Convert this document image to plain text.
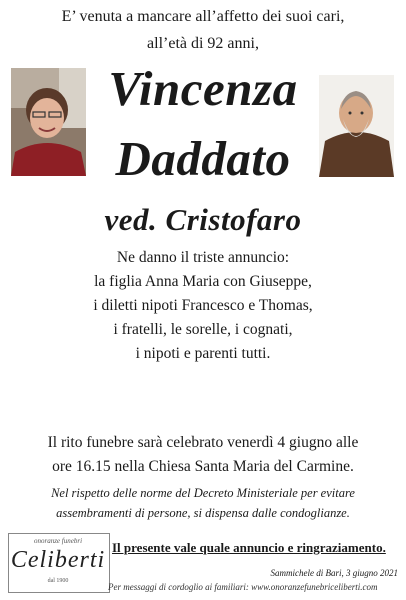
E’ venuta a mancare all’affetto dei suoi cari,
all’età di 92 anni,
Vincenza
Daddato
ved. Cristofaro
Ne danno il triste annuncio:
la figlia Anna Maria con Giuseppe,
i diletti nipoti Francesco e Thomas,
i fratelli, le sorelle, i cognati,
i nipoti e parenti tutti.
Il rito funebre sarà celebrato venerdì 4 giugno alle
ore 16.15 nella Chiesa Santa Maria del Carmine.
Nel rispetto delle norme del Decreto Ministeriale per evitare
assembramenti di persone, si dispensa dalle condoglianze.
Il presente vale quale annuncio e ringraziamento.
onoranze funebri
Celiberti
dal 1900
Sammichele di Bari, 3 giugno 2021
Per messaggi di cordoglio ai familiari: www.onoranzefunebriceliberti.com
